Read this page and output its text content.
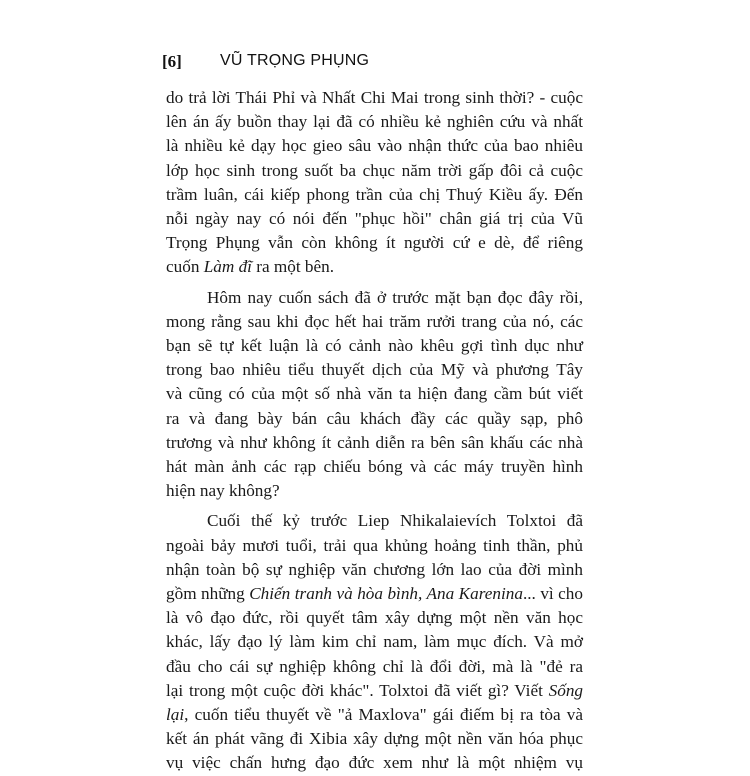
[6] VŨ TRỌNG PHỤNG

do trả lời Thái Phỉ và Nhất Chi Mai trong sinh thời? - cuộc
lên án ấy buồn thay lại đã có nhiều kẻ nghiên cứu và nhất
là nhiều kẻ dạy học gieo sâu vào nhận thức của bao nhiêu
lớp học sinh trong suốt ba chục năm trời gấp đôi cả cuộc
trầm luân, cái kiếp phong trần của chị Thuý Kiều ấy. Đến
nỗi ngày nay có nói đến "phục hồi" chân giá trị của Vũ
Trọng Phụng vẫn còn không ít người cứ e dè, để riêng
cuốn Làm đĩ ra một bên.

Hôm nay cuốn sách đã ở trước mặt bạn đọc đây rồi,
mong rằng sau khi đọc hết hai trăm rưởi trang của nó, các
bạn sẽ tự kết luận là có cảnh nào khêu gợi tình dục như
trong bao nhiêu tiểu thuyết dịch của Mỹ và phương Tây
và cũng có của một số nhà văn ta hiện đang cầm bút viết
ra và đang bày bán câu khách đầy các quầy sạp, phô
trương và như không ít cảnh diễn ra bên sân khấu các nhà
hát màn ảnh các rạp chiếu bóng và các máy truyền hình
hiện nay không?

Cuối thế kỷ trước Liep Nhikalaievích Tolxtoi đã
ngoài bảy mươi tuổi, trải qua khủng hoảng tinh thần, phủ
nhận toàn bộ sự nghiệp văn chương lớn lao của đời mình
gồm những Chiến tranh và hòa bình, Ana Karenina... vì cho
là vô đạo đức, rồi quyết tâm xây dựng một nền văn học
khác, lấy đạo lý làm kim chỉ nam, làm mục đích. Và mở
đầu cho cái sự nghiệp không chỉ là đổi đời, mà là "đẻ ra
lại trong một cuộc đời khác". Tolxtoi đã viết gì? Viết Sống
lại, cuốn tiểu thuyết về "ả Maxlova" gái điếm bị ra tòa và
kết án phát vãng đi Xibia xây dựng một nền văn hóa phục
vụ việc chấn hưng đạo đức xem như là một nhiệm vụ
